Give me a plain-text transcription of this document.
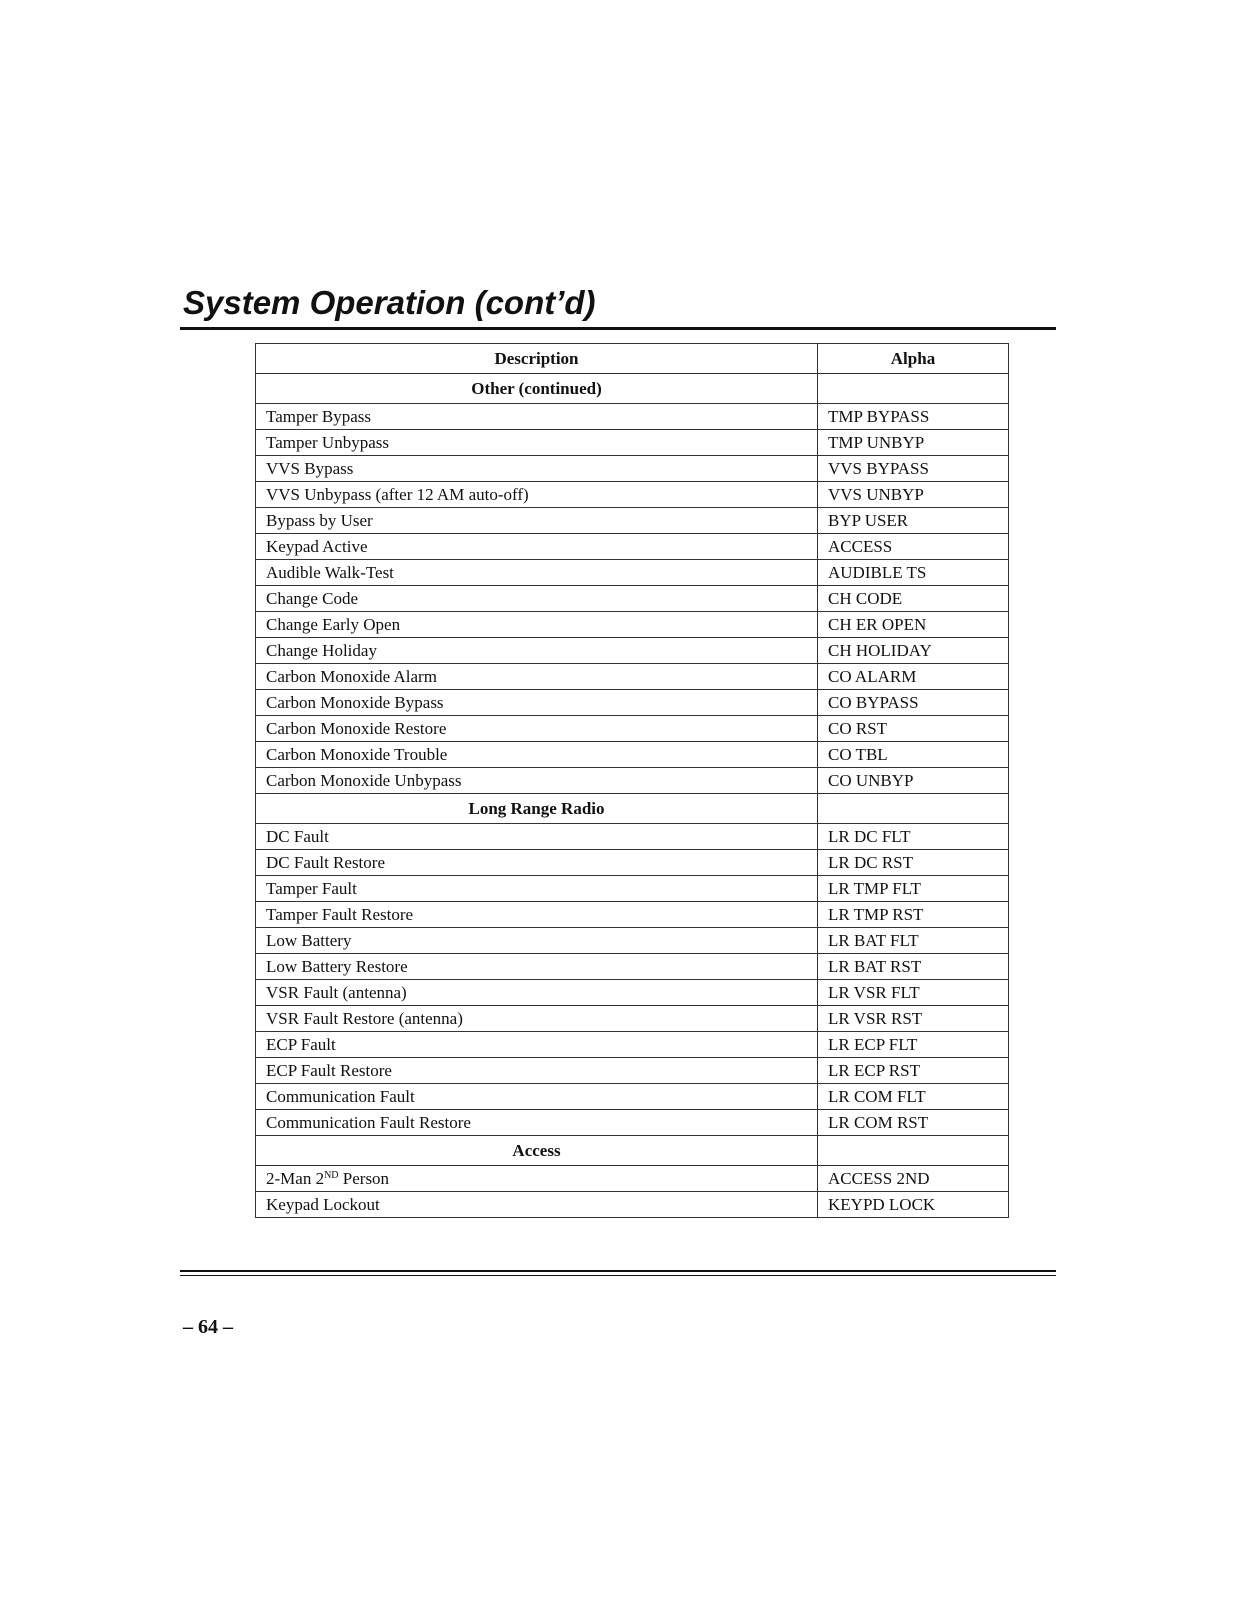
System Operation (cont’d)
Description	Alpha
Other (continued)	
Tamper Bypass	TMP BYPASS
Tamper Unbypass	TMP UNBYP
VVS Bypass	VVS BYPASS
VVS Unbypass (after 12 AM auto-off)	VVS UNBYP
Bypass by User	BYP USER
Keypad Active	ACCESS
Audible Walk-Test	AUDIBLE TS
Change Code	CH CODE
Change Early Open	CH ER OPEN
Change Holiday	CH HOLIDAY
Carbon Monoxide Alarm	CO ALARM
Carbon Monoxide Bypass	CO BYPASS
Carbon Monoxide Restore	CO RST
Carbon Monoxide Trouble	CO TBL
Carbon Monoxide Unbypass	CO UNBYP
Long Range Radio	
DC Fault	LR DC FLT
DC Fault Restore	LR DC RST
Tamper Fault	LR TMP FLT
Tamper Fault Restore	LR TMP RST
Low Battery	LR BAT FLT
Low Battery Restore	LR BAT RST
VSR Fault (antenna)	LR VSR FLT
VSR Fault Restore (antenna)	LR VSR RST
ECP Fault	LR ECP FLT
ECP Fault Restore	LR ECP RST
Communication Fault	LR COM FLT
Communication Fault Restore	LR COM RST
Access	
2-Man 2ND Person	ACCESS 2ND
Keypad Lockout	KEYPD LOCK
– 64 –
